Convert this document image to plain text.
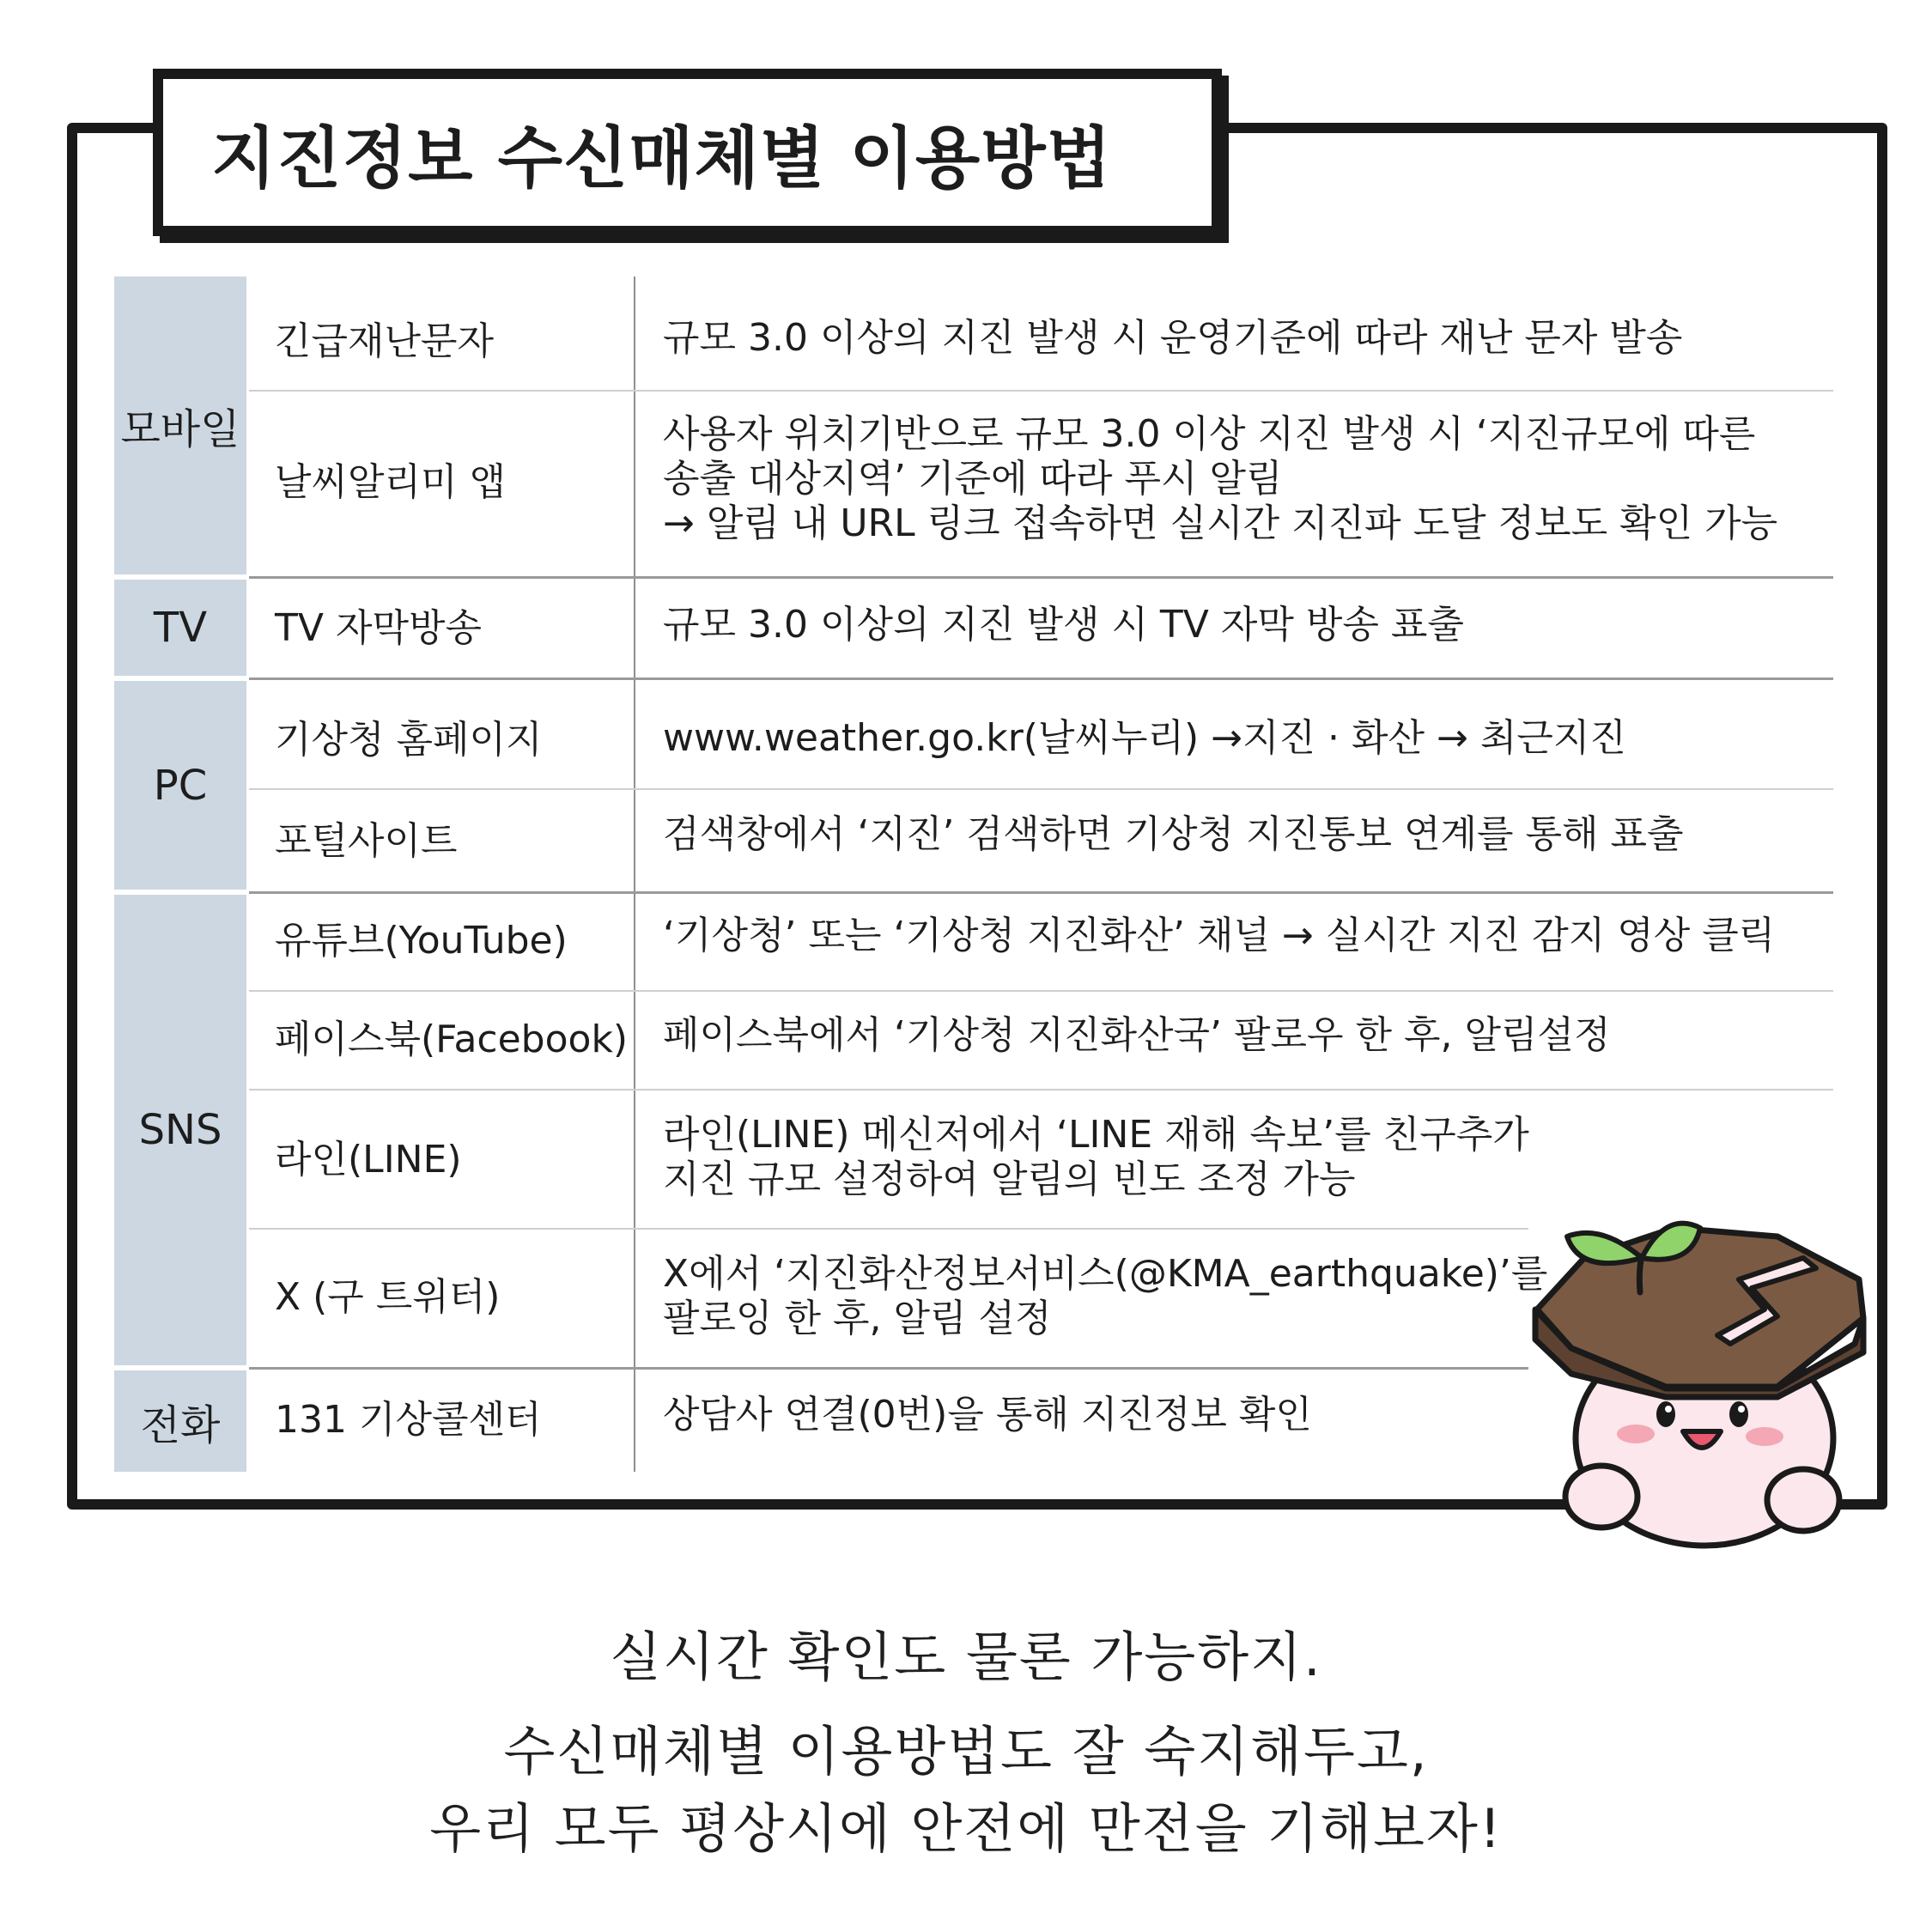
지진정보 수신매체별 이용방법
모바일
TV
PC
SNS
전화
긴급재난문자
날씨알리미 앱
TV 자막방송
기상청 홈페이지
포털사이트
유튜브(YouTube)
페이스북(Facebook)
라인(LINE)
X (구 트위터)
131 기상콜센터
규모 3.0 이상의 지진 발생 시 운영기준에 따라 재난 문자 발송
사용자 위치기반으로 규모 3.0 이상 지진 발생 시 ‘지진규모에 따른
송출 대상지역’ 기준에 따라 푸시 알림
→ 알림 내 URL 링크 접속하면 실시간 지진파 도달 정보도 확인 가능
규모 3.0 이상의 지진 발생 시 TV 자막 방송 표출
www.weather.go.kr(날씨누리) →지진 · 화산 → 최근지진
검색창에서 ‘지진’ 검색하면 기상청 지진통보 연계를 통해 표출
‘기상청’ 또는 ‘기상청 지진화산’ 채널 → 실시간 지진 감지 영상 클릭
페이스북에서 ‘기상청 지진화산국’ 팔로우 한 후, 알림설정
라인(LINE) 메신저에서 ‘LINE 재해 속보’를 친구추가
지진 규모 설정하여 알림의 빈도 조정 가능
X에서 ‘지진화산정보서비스(@KMA_earthquake)’를
팔로잉 한 후, 알림 설정
상담사 연결(0번)을 통해 지진정보 확인
실시간 확인도 물론 가능하지.
수신매체별 이용방법도 잘 숙지해두고,
우리 모두 평상시에 안전에 만전을 기해보자!
